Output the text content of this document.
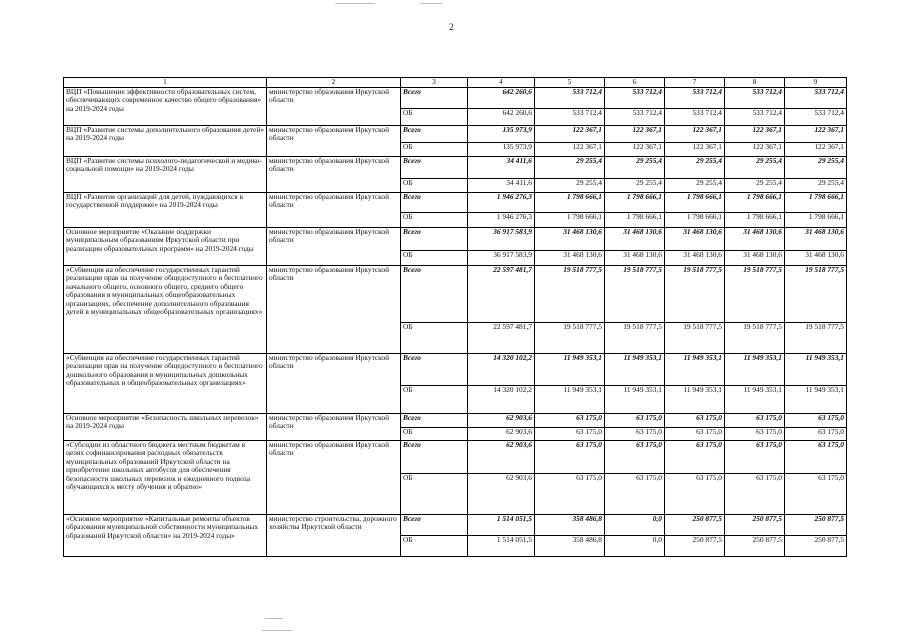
2
1	2	3	4	5	6	7	8	9
ВЦП «Повышение эффективности образовательных систем, обеспечивающих современное качество общего образования» на 2019-2024 годы	министерство образования Иркутской области	Всего	642 260,6	533 712,4	533 712,4	533 712,4	533 712,4	533 712,4
		ОБ	642 260,6	533 712,4	533 712,4	533 712,4	533 712,4	533 712,4
ВЦП «Развитие системы дополнительного образования детей» на 2019-2024 годы	министерство образования Иркутской области	Всего	135 973,9	122 367,1	122 367,1	122 367,1	122 367,1	122 367,1
		ОБ	135 973,9	122 367,1	122 367,1	122 367,1	122 367,1	122 367,1
ВЦП «Развитие системы психолого-педагогической и медико-социальной помощи» на 2019-2024 годы	министерство образования Иркутской области	Всего	34 411,6	29 255,4	29 255,4	29 255,4	29 255,4	29 255,4
		ОБ	34 411,6	29 255,4	29 255,4	29 255,4	29 255,4	29 255,4
ВЦП «Развитие организаций для детей, нуждающихся в государственной поддержке» на 2019-2024 годы	министерство образования Иркутской области	Всего	1 946 276,3	1 798 666,1	1 798 666,1	1 798 666,1	1 798 666,1	1 798 666,1
		ОБ	1 946 276,3	1 798 666,1	1 798 666,1	1 798 666,1	1 798 666,1	1 798 666,1
Основное мероприятие «Оказание поддержки муниципальным образованиям Иркутской области при реализации образовательных программ» на 2019-2024 годы	министерство образования Иркутской области	Всего	36 917 583,9	31 468 130,6	31 468 130,6	31 468 130,6	31 468 130,6	31 468 130,6
		ОБ	36 917 583,9	31 468 130,6	31 468 130,6	31 468 130,6	31 468 130,6	31 468 130,6
«Субвенция на обеспечение государственных гарантий реализации прав на получение общедоступного и бесплатного начального общего, основного общего, среднего общего образования в муниципальных общеобразовательных организациях, обеспечение дополнительного образования детей в муниципальных общеобразовательных организациях»	министерство образования Иркутской области	Всего	22 597 481,7	19 518 777,5	19 518 777,5	19 518 777,5	19 518 777,5	19 518 777,5
		ОБ	22 597 481,7	19 518 777,5	19 518 777,5	19 518 777,5	19 518 777,5	19 518 777,5
«Субвенция на обеспечение государственных гарантий реализации прав на получение общедоступного и бесплатного дошкольного образования в муниципальных дошкольных образовательных и общеобразовательных организациях»	министерство образования Иркутской области	Всего	14 320 102,2	11 949 353,1	11 949 353,1	11 949 353,1	11 949 353,1	11 949 353,1
		ОБ	14 320 102,2	11 949 353,1	11 949 353,1	11 949 353,1	11 949 353,1	11 949 353,1
Основное мероприятие «Безопасность школьных перевозок» на 2019-2024 годы	министерство образования Иркутской области	Всего	62 903,6	63 175,0	63 175,0	63 175,0	63 175,0	63 175,0
		ОБ	62 903,6	63 175,0	63 175,0	63 175,0	63 175,0	63 175,0
«Субсидии из областного бюджета местным бюджетам в целях софинансирования расходных обязательств муниципальных образований Иркутской области на приобретение школьных автобусов для обеспечения безопасности школьных перевозок и ежедневного подвоза обучающихся к месту обучения и обратно»	министерство образования Иркутской области	Всего	62 903,6	63 175,0	63 175,0	63 175,0	63 175,0	63 175,0
		ОБ	62 903,6	63 175,0	63 175,0	63 175,0	63 175,0	63 175,0
«Основное мероприятие «Капитальные ремонты объектов образования муниципальной собственности муниципальных образований Иркутской области» на 2019-2024 годы»	министерство строительства, дорожного хозяйства Иркутской области	Всего	1 514 051,5	358 486,8	0,0	250 877,5	250 877,5	250 877,5
		ОБ	1 514 051,5	358 486,8	0,0	250 877,5	250 877,5	250 877,5
